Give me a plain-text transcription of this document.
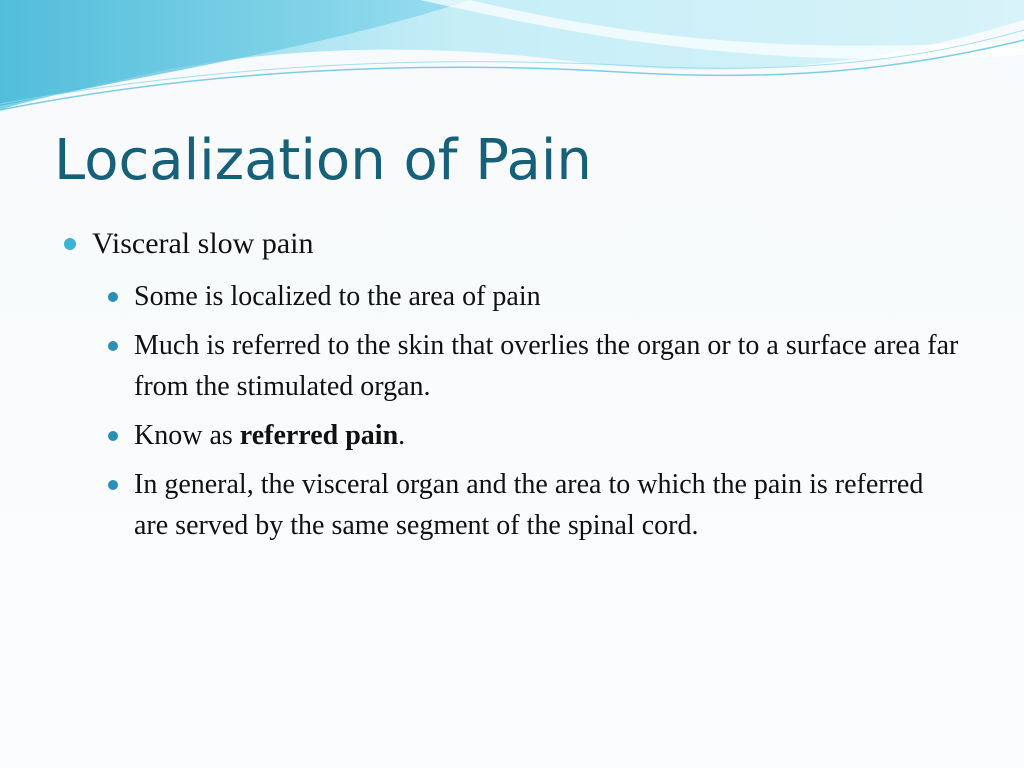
Localization of Pain
Visceral slow pain
Some is localized to the area of pain
Much is referred to the skin that overlies the organ or to a surface area far from the stimulated organ.
Know as referred pain.
In general, the visceral organ and the area to which the pain is referred are served by the same segment of the spinal cord.
